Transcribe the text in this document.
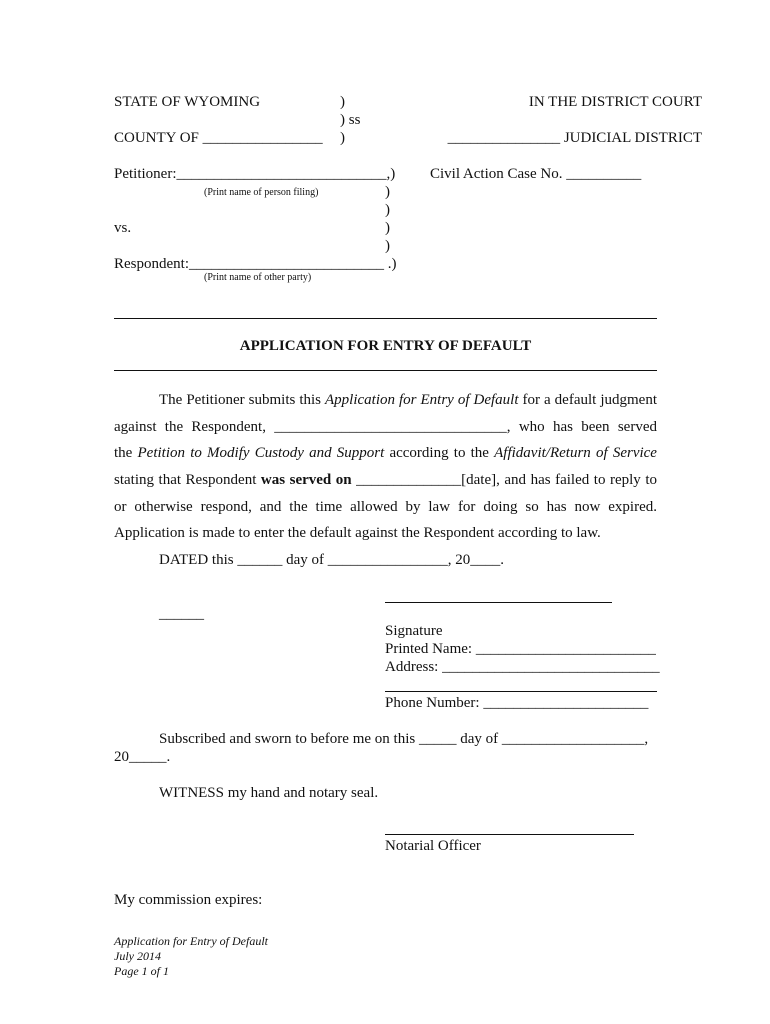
STATE OF WYOMING	)
) ss
)
IN THE DISTRICT COURT
COUNTY OF ________________	_______________ JUDICIAL DISTRICT
Petitioner:____________________________,)
(Print name of person filing)
Civil Action Case No. __________
)
)
vs.	)
)
Respondent:__________________________ .)
(Print name of other party)
APPLICATION FOR ENTRY OF DEFAULT
The Petitioner submits this Application for Entry of Default for a default judgment
against the Respondent, _______________________________, who has been served
the Petition to Modify Custody and Support according to the Affidavit/Return of Service
stating that Respondent was served on ______________[date], and has failed to reply to
or otherwise respond, and the time allowed by law for doing so has now expired.
Application is made to enter the default against the Respondent according to law.
DATED this ______ day of ________________, 20____.
______
Signature
Printed Name: ________________________
Address: _____________________________
Phone Number: ______________________
Subscribed and sworn to before me on this _____ day of ___________________,
20_____.
WITNESS my hand and notary seal.
Notarial Officer
My commission expires:
Application for Entry of Default
July 2014
Page 1 of 1
